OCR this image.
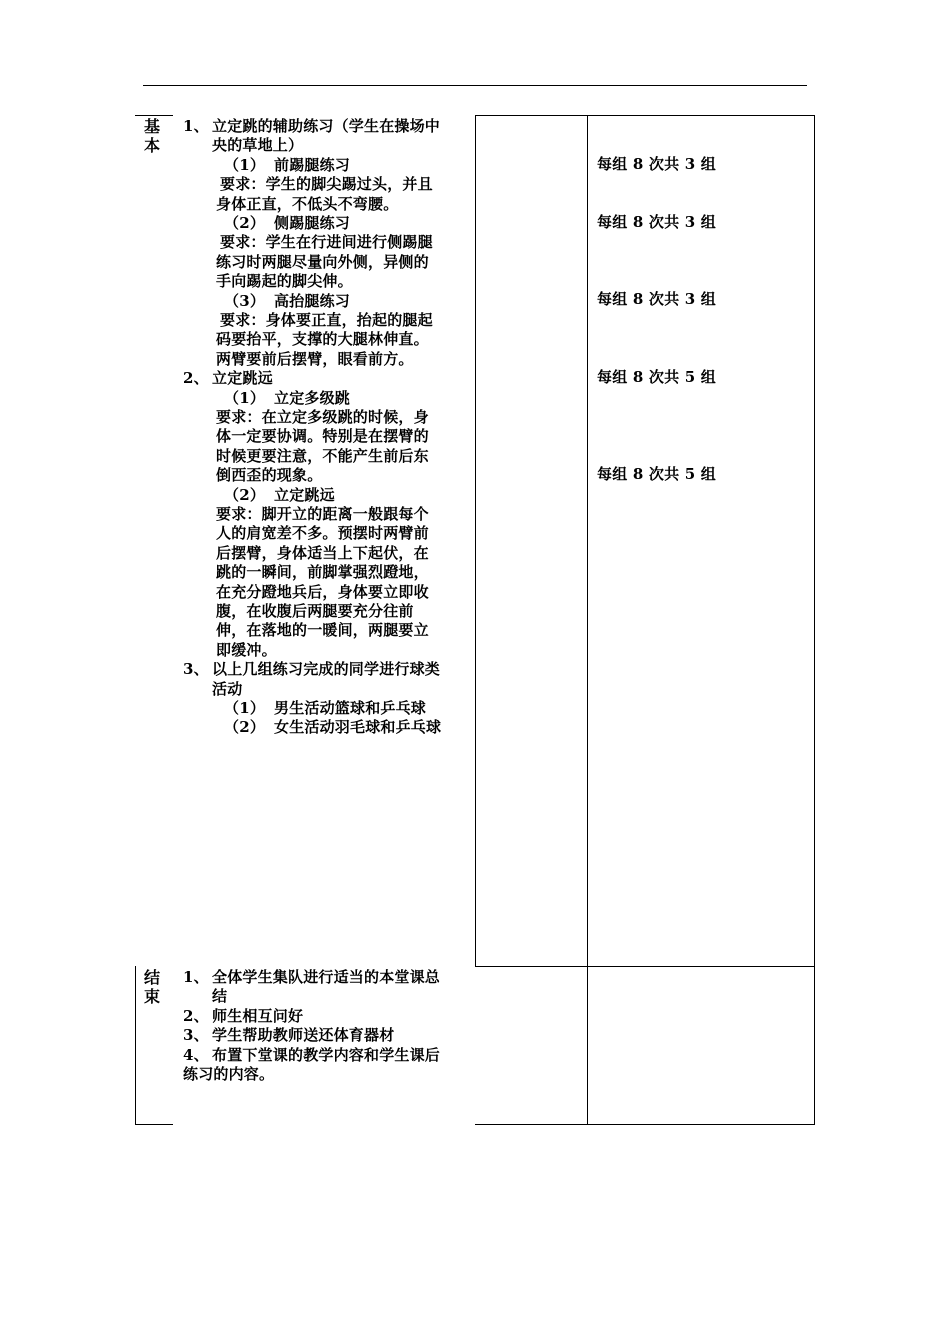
基
本
结
束
1、 立定跳的辅助练习（学生在操场中
央的草地上）
（1） 前踢腿练习
要求：学生的脚尖踢过头，并且
身体正直，不低头不弯腰。
（2） 侧踢腿练习
要求：学生在行进间进行侧踢腿
练习时两腿尽量向外侧，异侧的
手向踢起的脚尖伸。
（3） 高抬腿练习
要求：身体要正直，抬起的腿起
码要抬平，支撑的大腿林伸直。
两臂要前后摆臂，眼看前方。
2、 立定跳远
（1） 立定多级跳
要求：在立定多级跳的时候，身
体一定要协调。特别是在摆臂的
时候更要注意，不能产生前后东
倒西歪的现象。
（2） 立定跳远
要求：脚开立的距离一般跟每个
人的肩宽差不多。预摆时两臂前
后摆臂，身体适当上下起伏，在
跳的一瞬间，前脚掌强烈蹬地，
在充分蹬地兵后，身体要立即收
腹，在收腹后两腿要充分往前
伸，在落地的一暖间，两腿要立
即缓冲。
3、 以上几组练习完成的同学进行球类
活动
（1） 男生活动篮球和乒乓球
（2） 女生活动羽毛球和乒乓球
1、 全体学生集队进行适当的本堂课总
结
2、 师生相互问好
3、 学生帮助教师送还体育器材
4、 布置下堂课的教学内容和学生课后
练习的内容。
每组 8 次共 3 组
每组 8 次共 3 组
每组 8 次共 3 组
每组 8 次共 5 组
每组 8 次共 5 组
